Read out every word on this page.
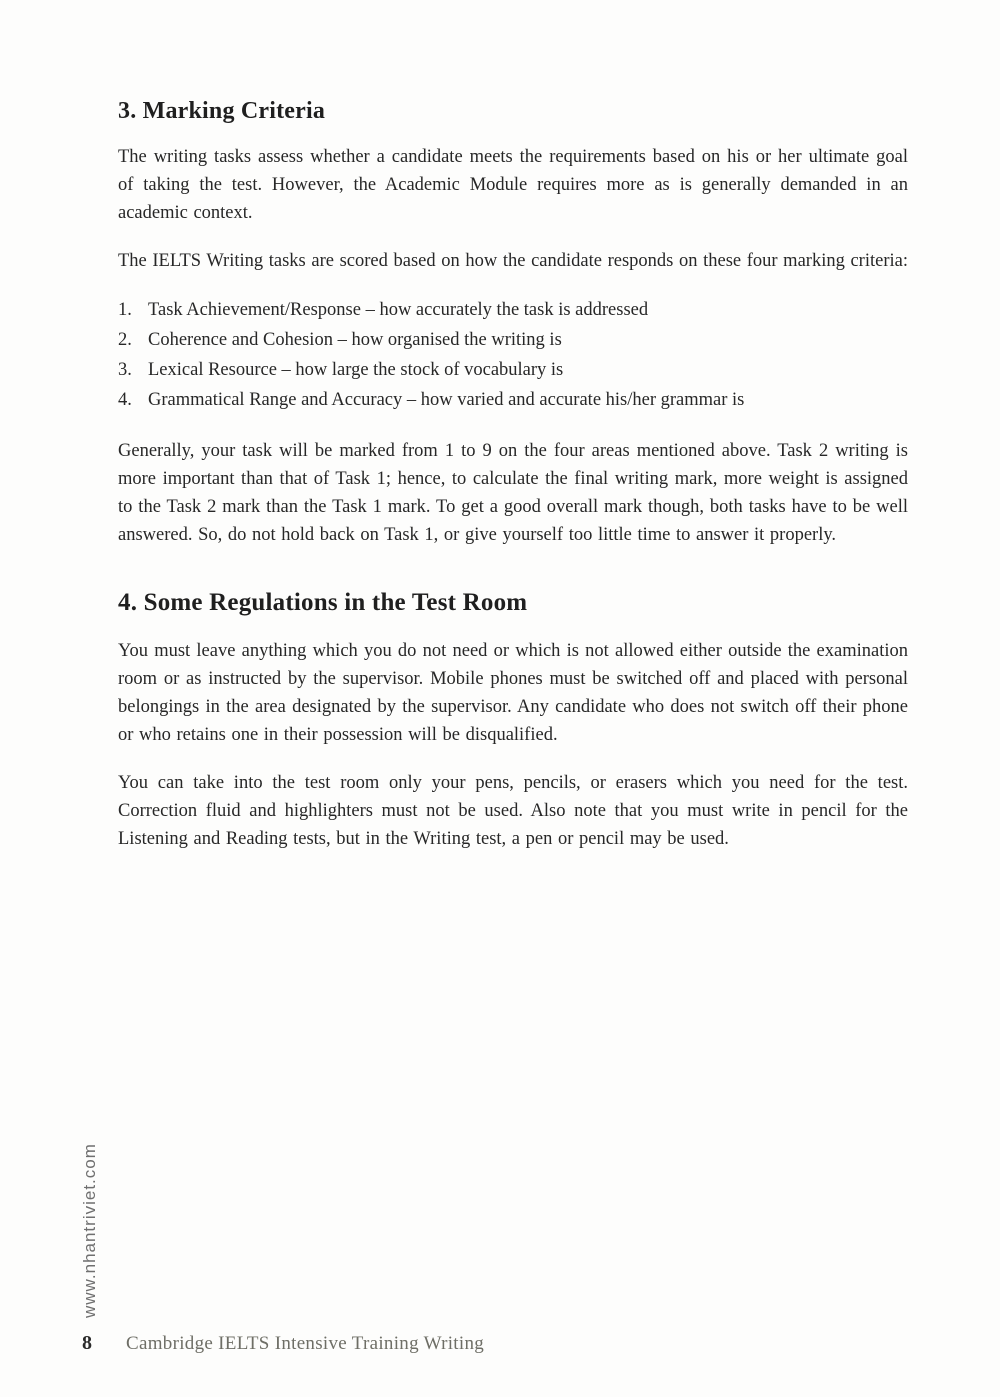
3. Marking Criteria

The writing tasks assess whether a candidate meets the requirements based on his or her ultimate goal of taking the test. However, the Academic Module requires more as is generally demanded in an academic context.

The IELTS Writing tasks are scored based on how the candidate responds on these four marking criteria:

1. Task Achievement/Response – how accurately the task is addressed
2. Coherence and Cohesion – how organised the writing is
3. Lexical Resource – how large the stock of vocabulary is
4. Grammatical Range and Accuracy – how varied and accurate his/her grammar is

Generally, your task will be marked from 1 to 9 on the four areas mentioned above. Task 2 writing is more important than that of Task 1; hence, to calculate the final writing mark, more weight is assigned to the Task 2 mark than the Task 1 mark. To get a good overall mark though, both tasks have to be well answered. So, do not hold back on Task 1, or give yourself too little time to answer it properly.

4. Some Regulations in the Test Room

You must leave anything which you do not need or which is not allowed either outside the examination room or as instructed by the supervisor. Mobile phones must be switched off and placed with personal belongings in the area designated by the supervisor. Any candidate who does not switch off their phone or who retains one in their possession will be disqualified.

You can take into the test room only your pens, pencils, or erasers which you need for the test. Correction fluid and highlighters must not be used. Also note that you must write in pencil for the Listening and Reading tests, but in the Writing test, a pen or pencil may be used.

www.nhantriviet.com
8 Cambridge IELTS Intensive Training Writing
